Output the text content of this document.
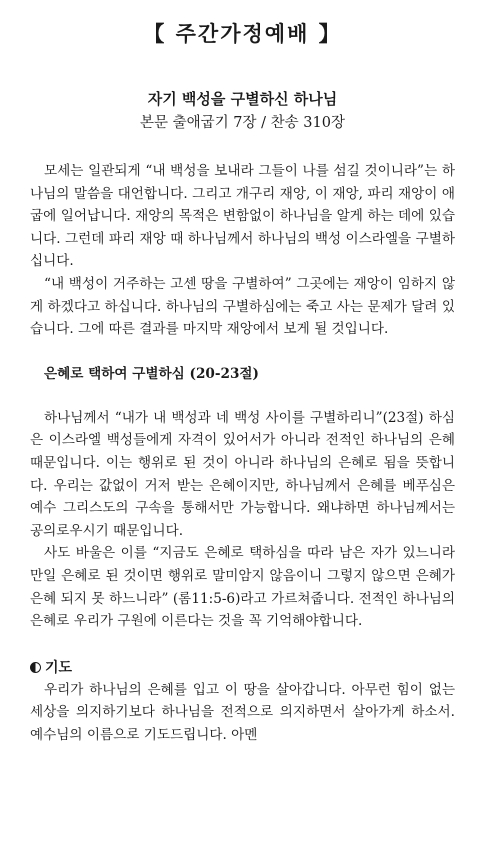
【 주간가정예배 】
자기 백성을 구별하신 하나님
본문 출애굽기 7장 / 찬송 310장

모세는 일관되게 “내 백성을 보내라 그들이 나를 섬길 것이니라”는 하나님의 말씀을 대언합니다. 그리고 개구리 재앙, 이 재앙, 파리 재앙이 애굽에 일어납니다. 재앙의 목적은 변함없이 하나님을 알게 하는 데에 있습니다. 그런데 파리 재앙 때 하나님께서 하나님의 백성 이스라엘을 구별하십니다.

“내 백성이 거주하는 고센 땅을 구별하여” 그곳에는 재앙이 임하지 않게 하겠다고 하십니다. 하나님의 구별하심에는 죽고 사는 문제가 달려 있습니다. 그에 따른 결과를 마지막 재앙에서 보게 될 것입니다.

은혜로 택하여 구별하심 (20-23절)

하나님께서 “내가 내 백성과 네 백성 사이를 구별하리니”(23절) 하심은 이스라엘 백성들에게 자격이 있어서가 아니라 전적인 하나님의 은혜 때문입니다. 이는 행위로 된 것이 아니라 하나님의 은혜로 됨을 뜻합니다. 우리는 값없이 거저 받는 은혜이지만, 하나님께서 은혜를 베푸심은 예수 그리스도의 구속을 통해서만 가능합니다. 왜냐하면 하나님께서는 공의로우시기 때문입니다.

사도 바울은 이를 “지금도 은혜로 택하심을 따라 남은 자가 있느니라 만일 은혜로 된 것이면 행위로 말미암지 않음이니 그렇지 않으면 은혜가 은혜 되지 못 하느니라” (롬11:5-6)라고 가르쳐줍니다. 전적인 하나님의 은혜로 우리가 구원에 이른다는 것을 꼭 기억해야합니다.

기도

우리가 하나님의 은혜를 입고 이 땅을 살아갑니다. 아무런 힘이 없는 세상을 의지하기보다 하나님을 전적으로 의지하면서 살아가게 하소서. 예수님의 이름으로 기도드립니다. 아멘
